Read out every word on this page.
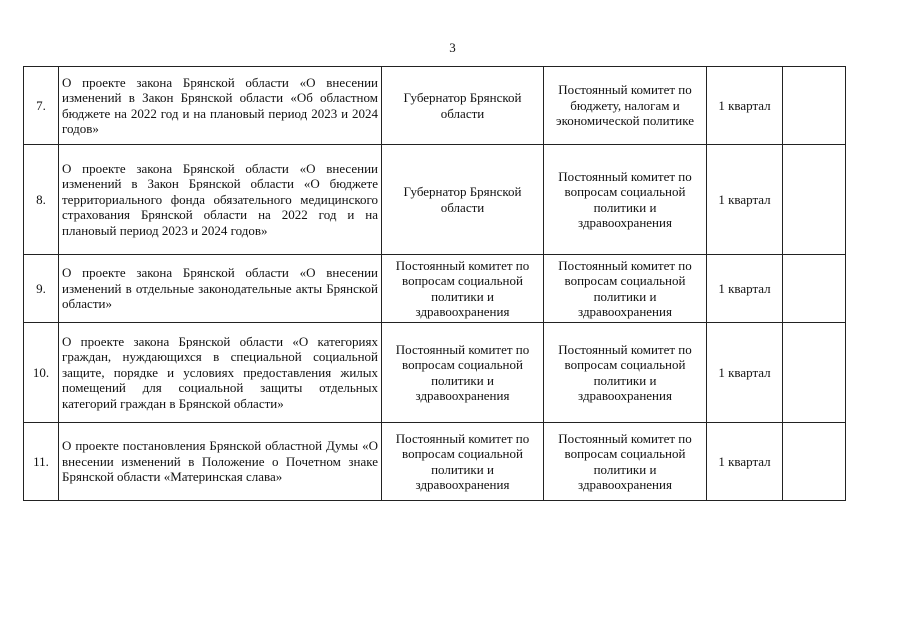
3
7.	О проекте закона Брянской области «О внесении изменений в Закон Брянской области «Об областном бюджете на 2022 год и на плановый период 2023 и 2024 годов»	Губернатор Брянской области	Постоянный комитет по бюджету, налогам и экономической политике	1 квартал	
8.	О проекте закона Брянской области «О внесении изменений в Закон Брянской области «О бюджете территориального фонда обязательного медицинского страхования Брянской области на 2022 год и на плановый период 2023 и 2024 годов»	Губернатор Брянской области	Постоянный комитет по вопросам социальной политики и здравоохранения	1 квартал	
9.	О проекте закона Брянской области «О внесении изменений в отдельные законодательные акты Брянской области»	Постоянный комитет по вопросам социальной политики и здравоохранения	Постоянный комитет по вопросам социальной политики и здравоохранения	1 квартал	
10.	О проекте закона Брянской области «О категориях граждан, нуждающихся в специальной социальной защите, порядке и условиях предоставления жилых помещений для социальной защиты отдельных категорий граждан в Брянской области»	Постоянный комитет по вопросам социальной политики и здравоохранения	Постоянный комитет по вопросам социальной политики и здравоохранения	1 квартал	
11.	О проекте постановления Брянской областной Думы «О внесении изменений в Положение о Почетном знаке Брянской области «Материнская слава»	Постоянный комитет по вопросам социальной политики и здравоохранения	Постоянный комитет по вопросам социальной политики и здравоохранения	1 квартал	
